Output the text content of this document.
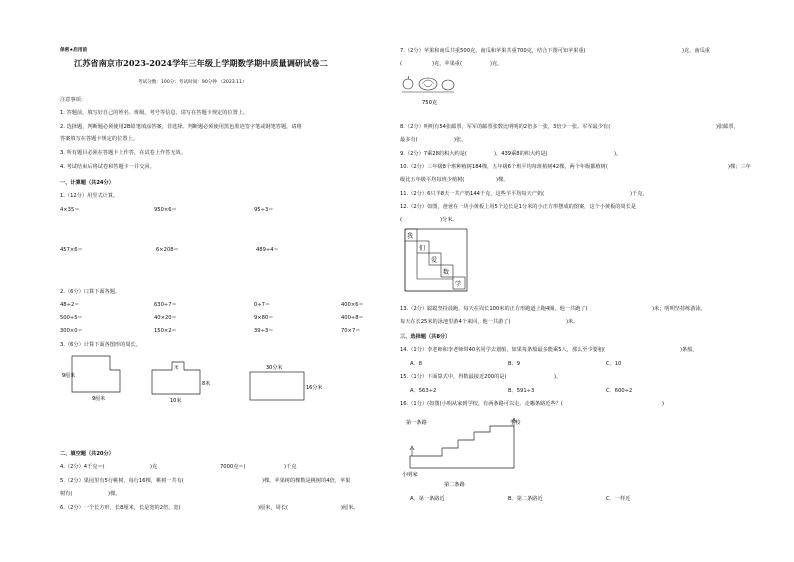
保密★启用前
江苏省南京市2023-2024学年三年级上学期数学期中质量调研试卷二
考试分数：100分；考试时间：90分钟 （2023.11）
注意事项：
1. 答题前，填写好自己的姓名、班级、考号等信息，请写在答题卡规定的位置上。
2. 选择题、判断题必须使用2B铅笔填涂答案，非选择、判断题必须使用黑色墨迹签字笔或钢笔答题，请将
答案填写在答题卡规定的位置上。
3. 所有题目必须在答题卡上作答，在试卷上作答无效。
4. 考试结束后将试卷和答题卡一并交回。
一、计算题（共24分）
1.（12分）用竖式计算。
4×35＝	950×6＝	95÷3＝
457×6＝	6×208＝	489÷4＝
2.（6分）口算下面各题。
48÷2＝	630÷7＝	0÷7＝	400×6＝
500÷5＝	40×20＝	9×80＝	400÷8＝
300×0＝	150×2＝	39÷3＝	70×7＝
3.（6分）计算下面各图形的周长。
9厘米
9厘米
米
8米
10米
30分米
16分米
二、填空题（共20分）
4.（2分）4千克＝(	)克	7000克＝(	)千克
5.（2分）果园里有5行桃树，每行16棵，桃树一共有(	)棵。苹果树的棵数是桃树的4倍，苹果
树有(	)棵。
6.（2分）一个长方形，长8厘米，长是宽的2倍，宽(	)厘米，周长(	)厘米。
7.（2分）苹果和南瓜共重500克，南瓜和苹果共重700克，结合下图可知苹果重(	)克，南瓜重
(	)克，苹果重(	)克。
750克
8.（2分）明明有54张邮票，军军的邮票张数比明明的2倍多一张，3倍少一张。军军最少有(	)张邮票，
最多有(	)张。
9.（2分）7乘28的积大约是(	)，439乘8的积大约是(	)。
10.（2分）三年级8个班种植树184棵，五年级6个班平均每班植树42棵。两个年级都植树(	)棵；三年
级比五年级平均每班少植树(	)棵。
11.（2分）6只羊8天一共产奶144千克，这些羊平均每天产奶(	)千克。
12.（2分）如图，爸爸在一块小黄板上用5个边长是1分米的小正方形摆成的图案，这个小黄板的周长是
(	)分米。
我
们
爱
数
学
13.（2分）聪聪坚持晨跑，每天在周长100米的正方形跑道上跑4圈，他一共跑了(	)米；明明坚持练游泳，
每天在长25米的泳池里游4个来回，他一共游了(	)米。
三、选择题（共8分）
14.（1分）李老师和李老师带40名同学去划船，如果每条船最多能乘5人，那么至少要租(	)条船。
A．8	B．9	C．10
15.（1分）下面算式中，得数最接近200的是(	)。
A．563÷2	B．591÷3	C．600÷2
16.（1分）(如图)小明从家到学校，有两条路可以走。走哪条路近些？(	)
第一条路	学校
小明家
第二条路
A．第一条路近	B．第二条路近	C．一样近
